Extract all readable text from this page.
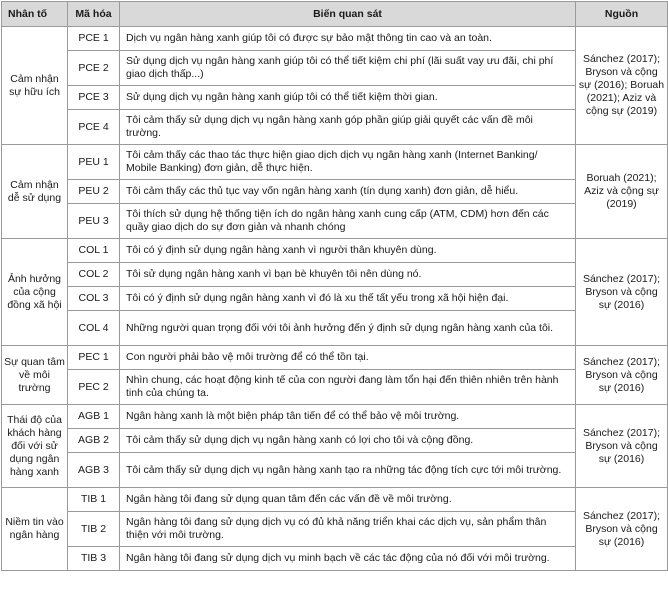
Nhân tố	Mã hóa	Biến quan sát	Nguồn
Cảm nhận sự hữu ích	PCE 1	Dịch vụ ngân hàng xanh giúp tôi có được sự bảo mật thông tin cao và an toàn.	Sánchez (2017); Bryson và cộng sự (2016); Boruah (2021); Aziz và cộng sự (2019)
	PCE 2	Sử dụng dịch vụ ngân hàng xanh giúp tôi có thể tiết kiệm chi phí (lãi suất vay ưu đãi, chi phí giao dịch thấp...)	
	PCE 3	Sử dụng dịch vụ ngân hàng xanh giúp tôi có thể tiết kiệm thời gian.	
	PCE 4	Tôi cảm thấy sử dụng dịch vụ ngân hàng xanh góp phần giúp giải quyết các vấn đề môi trường.	
Cảm nhận dễ sử dụng	PEU 1	Tôi cảm thấy các thao tác thực hiện giao dịch dịch vụ ngân hàng xanh (Internet Banking/ Mobile Banking) đơn giản, dễ thực hiện.	Boruah (2021); Aziz và cộng sự (2019)
	PEU 2	Tôi cảm thấy các thủ tục vay vốn ngân hàng xanh (tín dụng xanh) đơn giản, dễ hiểu.	
	PEU 3	Tôi thích sử dụng hệ thống tiện ích do ngân hàng xanh cung cấp (ATM, CDM) hơn đến các quầy giao dịch do sự đơn giản và nhanh chóng	
Ảnh hưởng của cộng đồng xã hội	COL 1	Tôi có ý định sử dụng ngân hàng xanh vì người thân khuyên dùng.	Sánchez (2017); Bryson và cộng sự (2016)
	COL 2	Tôi sử dụng ngân hàng xanh vì bạn bè khuyên tôi nên dùng nó.	
	COL 3	Tôi có ý định sử dụng ngân hàng xanh vì đó là xu thế tất yếu trong xã hội hiện đại.	
	COL 4	Những người quan trọng đối với tôi ảnh hưởng đến ý định sử dụng ngân hàng xanh của tôi.	
Sự quan tâm về môi trường	PEC 1	Con người phải bảo vệ môi trường để có thể tồn tại.	Sánchez (2017); Bryson và cộng sự (2016)
	PEC 2	Nhìn chung, các hoạt động kinh tế của con người đang làm tổn hại đến thiên nhiên trên hành tinh của chúng ta.	
Thái độ của khách hàng đối với sử dụng ngân hàng xanh	AGB 1	Ngân hàng xanh là một biện pháp tân tiến để có thể bảo vệ môi trường.	Sánchez (2017); Bryson và cộng sự (2016)
	AGB 2	Tôi cảm thấy sử dụng dịch vụ ngân hàng xanh có lợi cho tôi và cộng đồng.	
	AGB 3	Tôi cảm thấy sử dụng dịch vụ ngân hàng xanh tạo ra những tác động tích cực tới môi trường.	
Niềm tin vào ngân hàng	TIB 1	Ngân hàng tôi đang sử dụng quan tâm đến các vấn đề về môi trường.	Sánchez (2017); Bryson và cộng sự (2016)
	TIB 2	Ngân hàng tôi đang sử dụng dịch vụ có đủ khả năng triển khai các dịch vụ, sản phẩm thân thiện với môi trường.	
	TIB 3	Ngân hàng tôi đang sử dụng dịch vụ minh bạch về các tác động của nó đối với môi trường.	
